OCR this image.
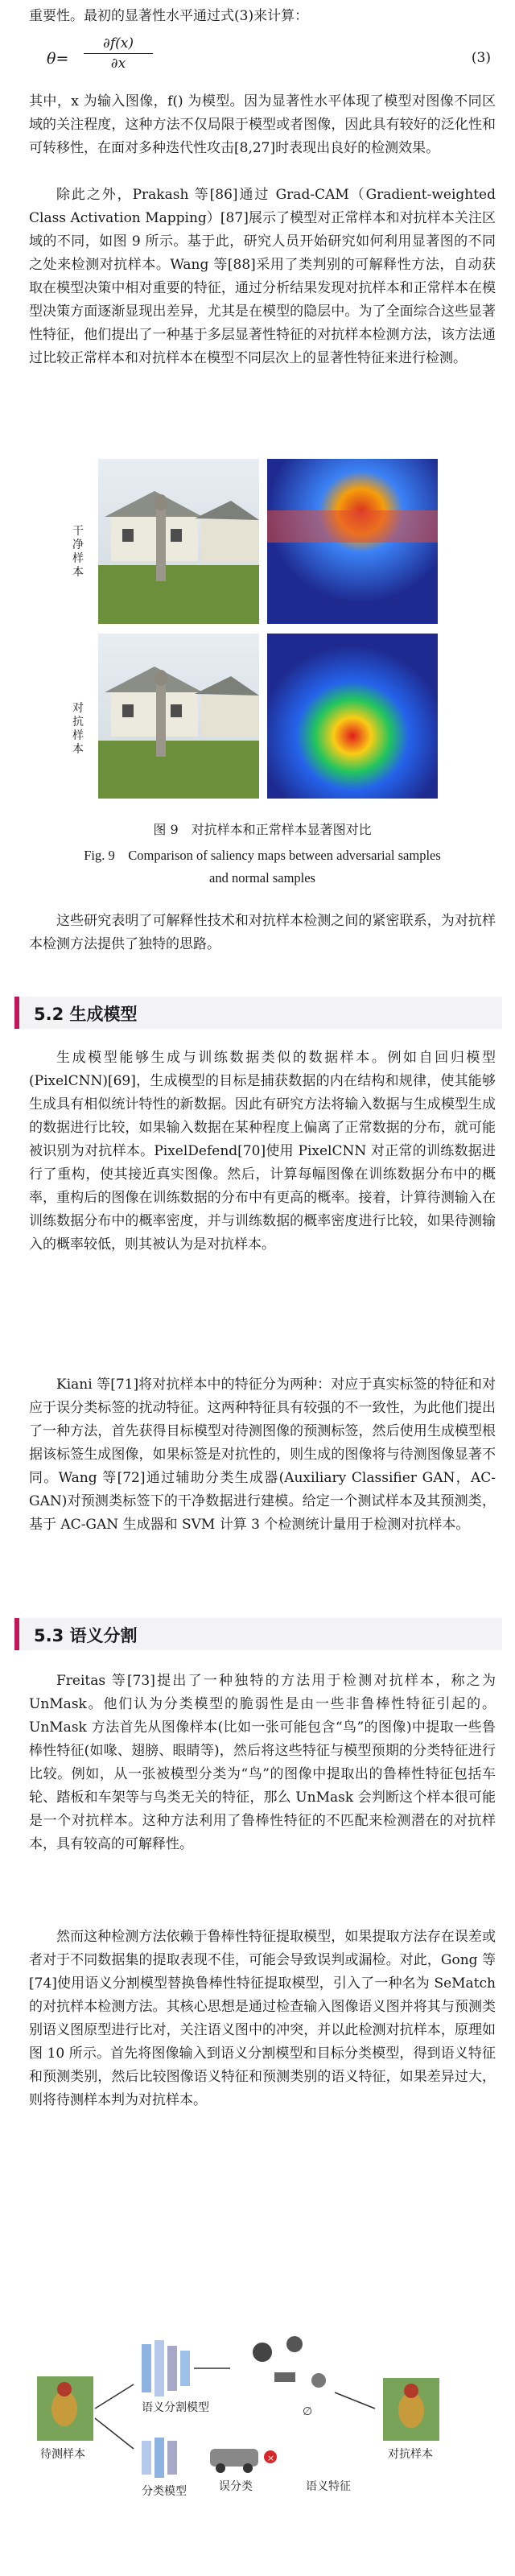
重要性。最初的显著性水平通过式(3)来计算：

$\theta= \frac{\partial f(x)}{\partial x}$	(3)

其中，x 为输入图像，f() 为模型。因为显著性水平体现了模型对图像不同区域的关注程度，这种方法不仅局限于模型或者图像，因此具有较好的泛化性和可转移性，在面对多种迭代性攻击[8,27]时表现出良好的检测效果。

除此之外，Prakash 等[86]通过 Grad-CAM（Gradient-weighted Class Activation Mapping）[87]展示了模型对正常样本和对抗样本关注区域的不同，如图 9 所示。基于此，研究人员开始研究如何利用显著图的不同之处来检测对抗样本。Wang 等[88]采用了类判别的可解释性方法，自动获取在模型决策中相对重要的特征，通过分析结果发现对抗样本和正常样本在模型决策方面逐渐显现出差异，尤其是在模型的隐层中。为了全面综合这些显著性特征，他们提出了一种基于多层显著性特征的对抗样本检测方法，该方法通过比较正常样本和对抗样本在模型不同层次上的显著性特征来进行检测。

干净样本
对抗样本

图 9　对抗样本和正常样本显著图对比

Fig. 9　Comparison of saliency maps between adversarial samples

and normal samples

这些研究表明了可解释性技术和对抗样本检测之间的紧密联系，为对抗样本检测方法提供了独特的思路。

5.2 生成模型

生成模型能够生成与训练数据类似的数据样本。例如自回归模型(PixelCNN)[69]，生成模型的目标是捕获数据的内在结构和规律，使其能够生成具有相似统计特性的新数据。因此有研究方法将输入数据与生成模型生成的数据进行比较，如果输入数据在某种程度上偏离了正常数据的分布，就可能被识别为对抗样本。PixelDefend[70]使用 PixelCNN 对正常的训练数据进行了重构，使其接近真实图像。然后，计算每幅图像在训练数据分布中的概率，重构后的图像在训练数据的分布中有更高的概率。接着，计算待测输入在训练数据分布中的概率密度，并与训练数据的概率密度进行比较，如果待测输入的概率较低，则其被认为是对抗样本。

Kiani 等[71]将对抗样本中的特征分为两种：对应于真实标签的特征和对应于误分类标签的扰动特征。这两种特征具有较强的不一致性，为此他们提出了一种方法，首先获得目标模型对待测图像的预测标签，然后使用生成模型根据该标签生成图像，如果标签是对抗性的，则生成的图像将与待测图像显著不同。Wang 等[72]通过辅助分类生成器(Auxiliary Classifier GAN，AC-GAN)对预测类标签下的干净数据进行建模。给定一个测试样本及其预测类，基于 AC-GAN 生成器和 SVM 计算 3 个检测统计量用于检测对抗样本。

5.3 语义分割

Freitas 等[73]提出了一种独特的方法用于检测对抗样本，称之为 UnMask。他们认为分类模型的脆弱性是由一些非鲁棒性特征引起的。UnMask 方法首先从图像样本(比如一张可能包含“鸟”的图像)中提取一些鲁棒性特征(如喙、翅膀、眼睛等)，然后将这些特征与模型预期的分类特征进行比较。例如，从一张被模型分类为“鸟”的图像中提取出的鲁棒性特征包括车轮、踏板和车架等与鸟类无关的特征，那么 UnMask 会判断这个样本很可能是一个对抗样本。这种方法利用了鲁棒性特征的不匹配来检测潜在的对抗样本，具有较高的可解释性。

然而这种检测方法依赖于鲁棒性特征提取模型，如果提取方法存在误差或者对于不同数据集的提取表现不佳，可能会导致误判或漏检。对此，Gong 等[74]使用语义分割模型替换鲁棒性特征提取模型，引入了一种名为 SeMatch 的对抗样本检测方法。其核心思想是通过检查输入图像语义图并将其与预测类别语义图原型进行比对，关注语义图中的冲突，并以此检测对抗样本，原理如图 10 所示。首先将图像输入到语义分割模型和目标分类模型，得到语义特征和预测类别，然后比较图像语义特征和预测类别的语义特征，如果差异过大，则将待测样本判为对抗样本。

∅
×
待测样本
语义分割模型
对抗样本
分类模型	误分类	语义特征
